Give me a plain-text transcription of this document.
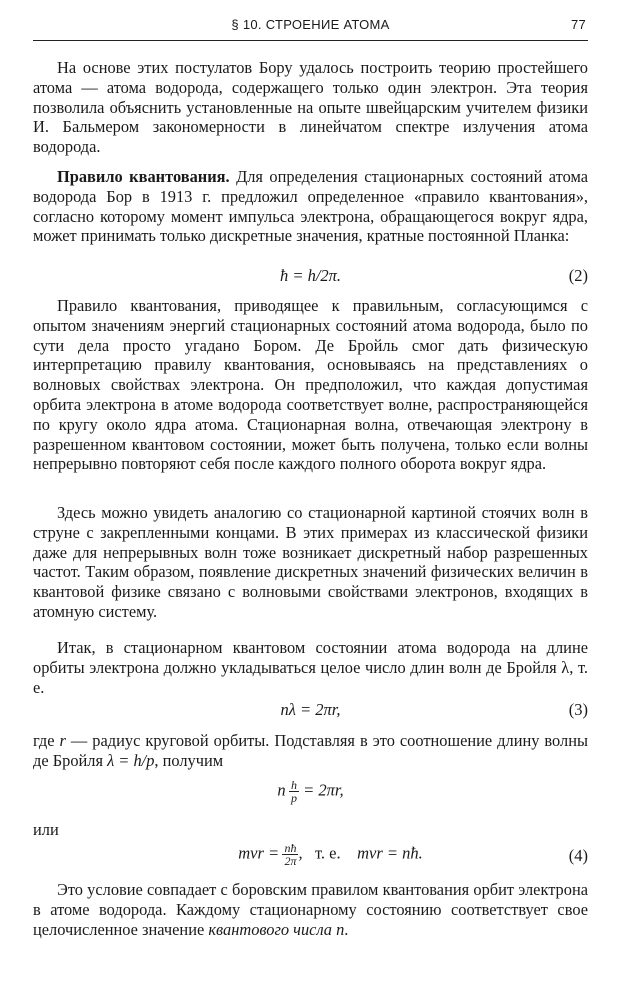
§ 10. СТРОЕНИЕ АТОМА	77

На основе этих постулатов Бору удалось построить теорию простейшего атома — атома водорода, содержащего только один электрон. Эта теория позволила объяснить установленные на опыте швейцарским учителем физики И. Бальмером закономерности в линейчатом спектре излучения атома водорода.

Правило квантования. Для определения стационарных состояний атома водорода Бор в 1913 г. предложил определенное «правило квантования», согласно которому момент импульса электрона, обращающегося вокруг ядра, может принимать только дискретные значения, кратные постоянной Планка:

ħ = h/2π.	(2)

Правило квантования, приводящее к правильным, согласующимся с опытом значениям энергий стационарных состояний атома водорода, было по сути дела просто угадано Бором. Де Бройль смог дать физическую интерпретацию правилу квантования, основываясь на представлениях о волновых свойствах электрона. Он предположил, что каждая допустимая орбита электрона в атоме водорода соответствует волне, распространяющейся по кругу около ядра атома. Стационарная волна, отвечающая электрону в разрешенном квантовом состоянии, может быть получена, только если волны непрерывно повторяют себя после каждого полного оборота вокруг ядра.

Здесь можно увидеть аналогию со стационарной картиной стоячих волн в струне с закрепленными концами. В этих примерах из классической физики даже для непрерывных волн тоже возникает дискретный набор разрешенных частот. Таким образом, появление дискретных значений физических величин в квантовой физике связано с волновыми свойствами электронов, входящих в атомную систему.

Итак, в стационарном квантовом состоянии атома водорода на длине орбиты электрона должно укладываться целое число длин волн де Бройля λ, т. е.

nλ = 2πr,	(3)

где r — радиус круговой орбиты. Подставляя в это соотношение длину волны де Бройля λ = h/p, получим

n  $\frac{h}{p} = 2\pi r$,

или

mvr =  $\frac{nħ}{2\pi}$ ,   т. е. mvr = nħ.	(4)

Это условие совпадает с боровским правилом квантования орбит электрона в атоме водорода. Каждому стационарному состоянию соответствует свое целочисленное значение квантового числа n.
